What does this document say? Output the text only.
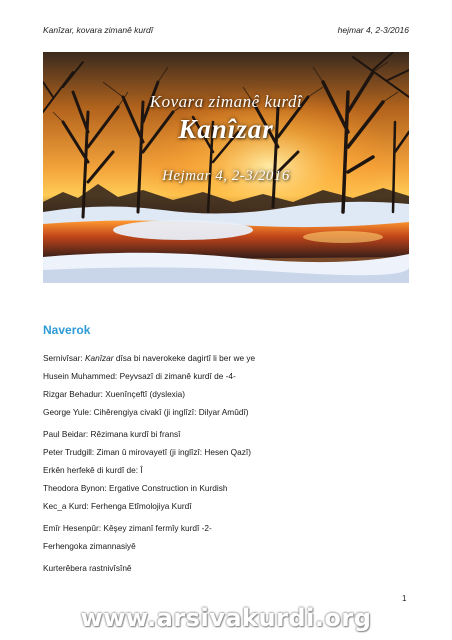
Kanîzar, kovara zimanê kurdî	hejmar 4, 2-3/2016
Kovara zimanê kurdî
Kanîzar
Hejmar 4, 2-3/2016
Naverok
Sernivîsar: Kanîzar dîsa bi naverokeke dagirtî li ber we ye
Husein Muhammed: Peyvsazî di zimanê kurdî de -4-
Rizgar Behadur: Xuenînçeftî (dyslexia)
George Yule: Cihêrengiya civakî (ji inglîzî: Dilyar Amûdî)
Paul Beidar: Rêzimana kurdî bi fransî
Peter Trudgill: Ziman û mirovayetî (ji inglîzî: Hesen Qazî)
Erkên herfekê di kurdî de: Î
Theodora Bynon: Ergative Construction in Kurdish
Kec_a Kurd: Ferhenga Etîmolojiya Kurdî
Emîr Hesenpûr: Kêşey zimanî fermîy kurdî -2-
Ferhengoka zimannasiyê
Kurterêbera rastnivîsînê
1
www.arsivakurdi.org
